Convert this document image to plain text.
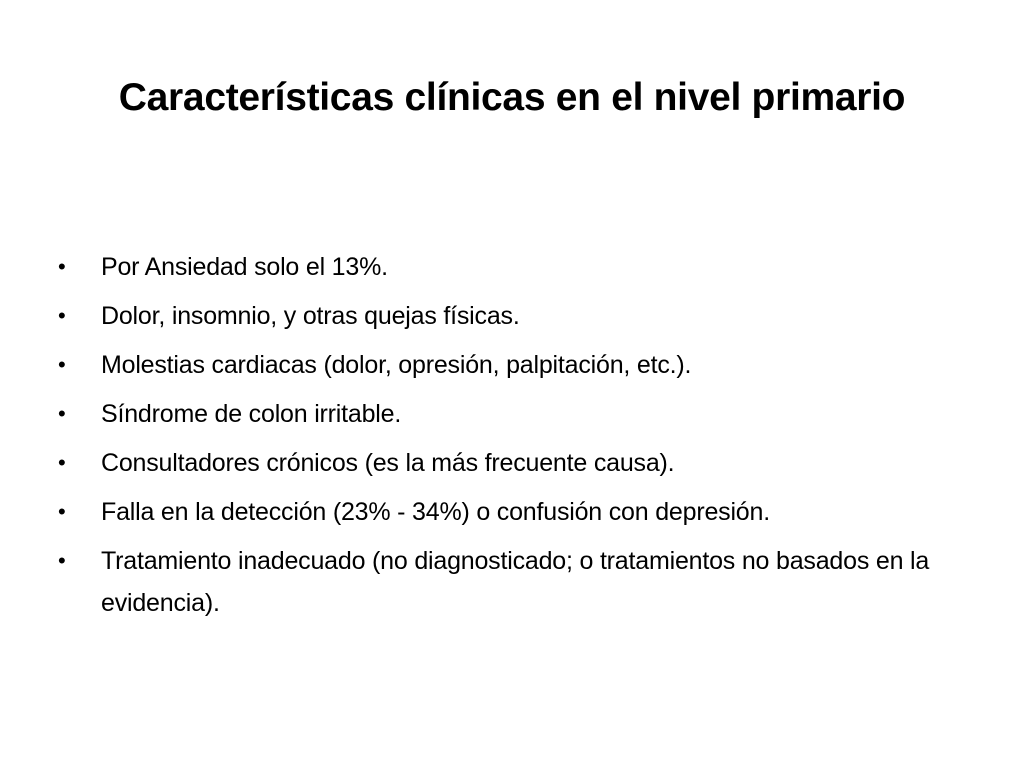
Características clínicas en el nivel primario
• Por Ansiedad solo el 13%.
• Dolor, insomnio, y otras quejas físicas.
• Molestias cardiacas (dolor, opresión, palpitación, etc.).
• Síndrome de colon irritable.
• Consultadores crónicos (es la más frecuente causa).
• Falla en la detección (23% - 34%) o confusión con depresión.
• Tratamiento inadecuado (no diagnosticado; o tratamientos no basados en la evidencia).
